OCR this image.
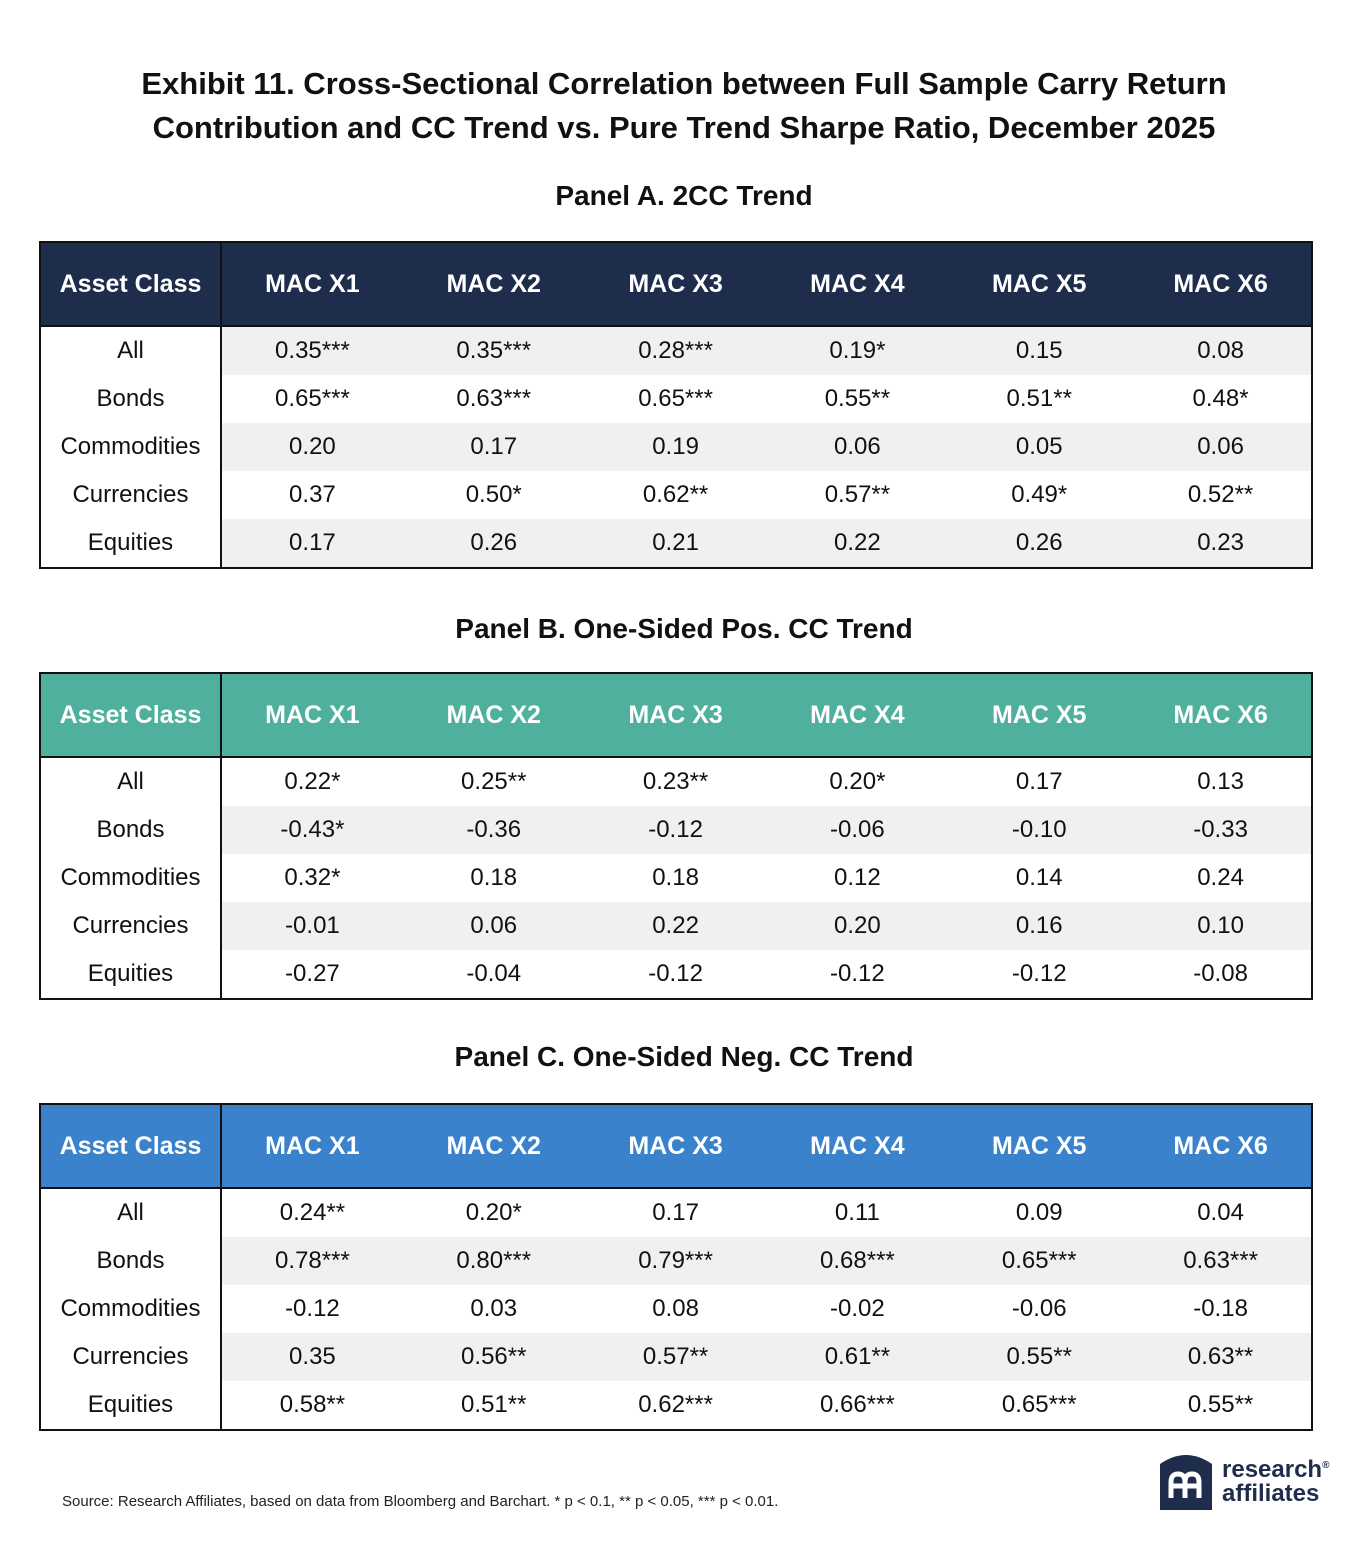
Exhibit 11. Cross-Sectional Correlation between Full Sample Carry Return
Contribution and CC Trend vs. Pure Trend Sharpe Ratio, December 2025
Panel A. 2CC Trend
Asset Class	MAC X1	MAC X2	MAC X3	MAC X4	MAC X5	MAC X6
All	0.35***	0.35***	0.28***	0.19*	0.15	0.08
Bonds	0.65***	0.63***	0.65***	0.55**	0.51**	0.48*
Commodities	0.20	0.17	0.19	0.06	0.05	0.06
Currencies	0.37	0.50*	0.62**	0.57**	0.49*	0.52**
Equities	0.17	0.26	0.21	0.22	0.26	0.23
Panel B. One-Sided Pos. CC Trend
Asset Class	MAC X1	MAC X2	MAC X3	MAC X4	MAC X5	MAC X6
All	0.22*	0.25**	0.23**	0.20*	0.17	0.13
Bonds	-0.43*	-0.36	-0.12	-0.06	-0.10	-0.33
Commodities	0.32*	0.18	0.18	0.12	0.14	0.24
Currencies	-0.01	0.06	0.22	0.20	0.16	0.10
Equities	-0.27	-0.04	-0.12	-0.12	-0.12	-0.08
Panel C. One-Sided Neg. CC Trend
Asset Class	MAC X1	MAC X2	MAC X3	MAC X4	MAC X5	MAC X6
All	0.24**	0.20*	0.17	0.11	0.09	0.04
Bonds	0.78***	0.80***	0.79***	0.68***	0.65***	0.63***
Commodities	-0.12	0.03	0.08	-0.02	-0.06	-0.18
Currencies	0.35	0.56**	0.57**	0.61**	0.55**	0.63**
Equities	0.58**	0.51**	0.62***	0.66***	0.65***	0.55**
Source: Research Affiliates, based on data from Bloomberg and Barchart. * p < 0.1, ** p < 0.05, *** p < 0.01.
research®
affiliates
